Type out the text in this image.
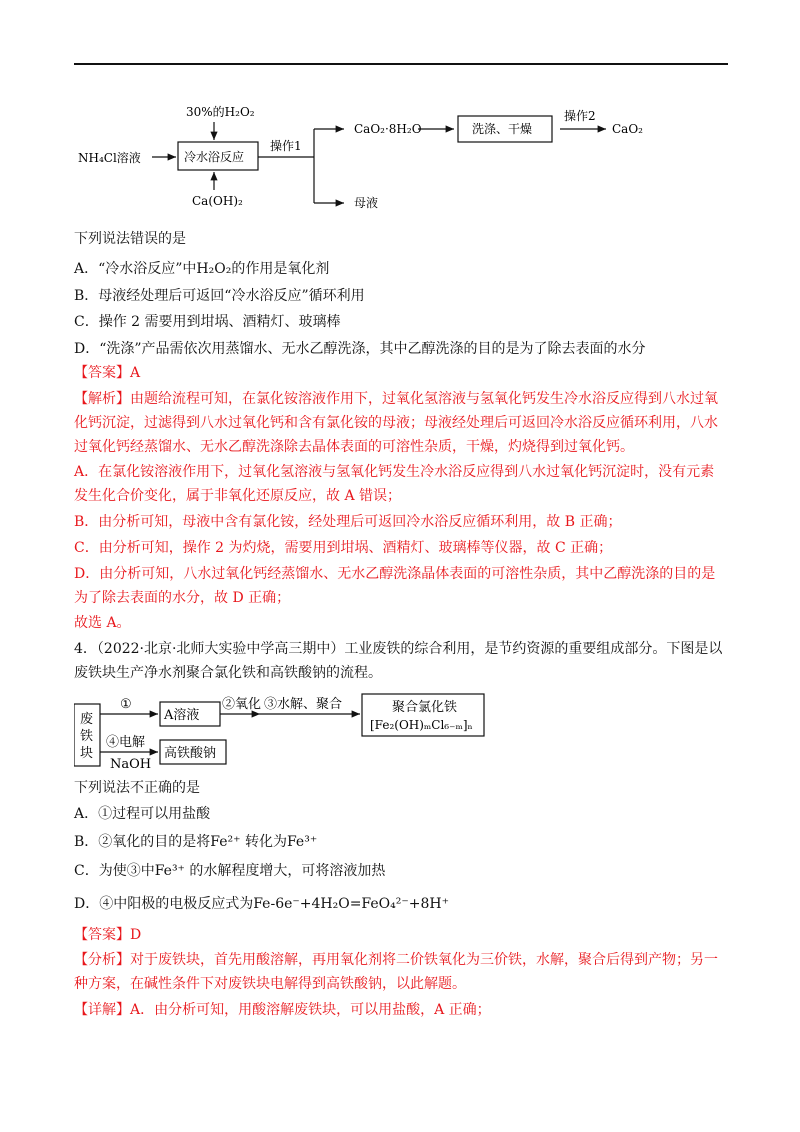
30%的H₂O₂
NH₄Cl溶液	冷水浴反应
Ca(OH)₂
操作1
CaO₂·8H₂O	洗涤、干燥
操作2
CaO₂
母液
下列说法错误的是
A．“冷水浴反应”中H₂O₂的作用是氧化剂
B．母液经处理后可返回“冷水浴反应”循环利用
C．操作 2 需要用到坩埚、酒精灯、玻璃棒
D．“洗涤”产品需依次用蒸馏水、无水乙醇洗涤，其中乙醇洗涤的目的是为了除去表面的水分
【答案】A
【解析】由题给流程可知，在氯化铵溶液作用下，过氧化氢溶液与氢氧化钙发生冷水浴反应得到八水过氧
化钙沉淀，过滤得到八水过氧化钙和含有氯化铵的母液；母液经处理后可返回冷水浴反应循环利用，八水
过氧化钙经蒸馏水、无水乙醇洗涤除去晶体表面的可溶性杂质，干燥，灼烧得到过氧化钙。
A．在氯化铵溶液作用下，过氧化氢溶液与氢氧化钙发生冷水浴反应得到八水过氧化钙沉淀时，没有元素
发生化合价变化，属于非氧化还原反应，故 A 错误；
B．由分析可知，母液中含有氯化铵，经处理后可返回冷水浴反应循环利用，故 B 正确；
C．由分析可知，操作 2 为灼烧，需要用到坩埚、酒精灯、玻璃棒等仪器，故 C 正确；
D．由分析可知，八水过氧化钙经蒸馏水、无水乙醇洗涤晶体表面的可溶性杂质，其中乙醇洗涤的目的是
为了除去表面的水分，故 D 正确；
故选 A。
4．（2022·北京·北师大实验中学高三期中）工业废铁的综合利用，是节约资源的重要组成部分。下图是以
废铁块生产净水剂聚合氯化铁和高铁酸钠的流程。
废
铁
块
①
A溶液
②氧化 ③水解、聚合	聚合氯化铁
[Fe₂(OH)ₘCl₆₋ₘ]ₙ
④电解
NaOH
高铁酸钠
下列说法不正确的是
A．①过程可以用盐酸
B．②氧化的目的是将Fe²⁺ 转化为Fe³⁺
C．为使③中Fe³⁺ 的水解程度增大，可将溶液加热
D．④中阳极的电极反应式为Fe-6e⁻+4H₂O=FeO₄²⁻+8H⁺
【答案】D
【分析】对于废铁块，首先用酸溶解，再用氧化剂将二价铁氧化为三价铁，水解，聚合后得到产物；另一
种方案，在碱性条件下对废铁块电解得到高铁酸钠，以此解题。
【详解】A．由分析可知，用酸溶解废铁块，可以用盐酸，A 正确；
